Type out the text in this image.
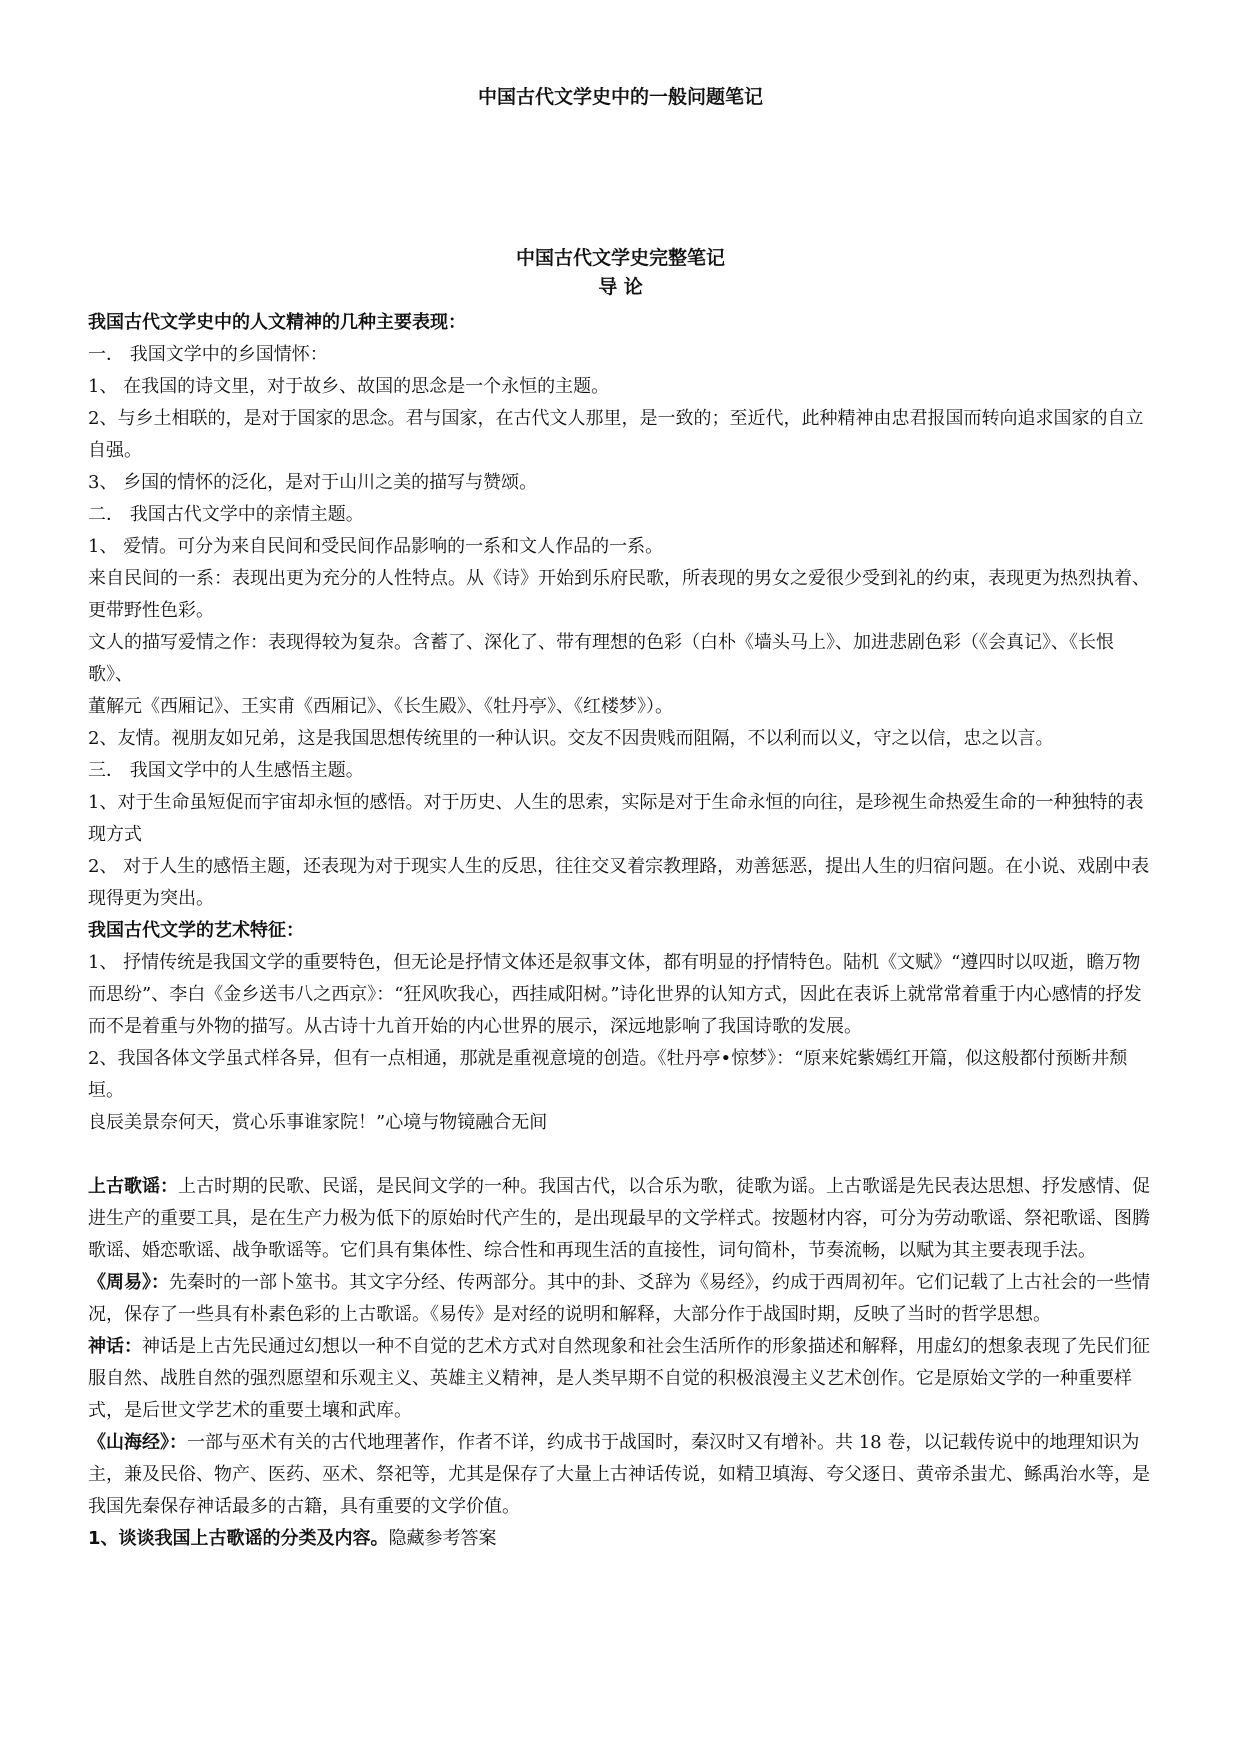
中国古代文学史中的一般问题笔记
中国古代文学史完整笔记
导 论

我国古代文学史中的人文精神的几种主要表现：

一． 我国文学中的乡国情怀：

1、 在我国的诗文里，对于故乡、故国的思念是一个永恒的主题。

2、与乡土相联的，是对于国家的思念。君与国家，在古代文人那里，是一致的；至近代，此种精神由忠君报国而转向追求国家的自立自强。

3、 乡国的情怀的泛化，是对于山川之美的描写与赞颂。

二． 我国古代文学中的亲情主题。

1、 爱情。可分为来自民间和受民间作品影响的一系和文人作品的一系。

来自民间的一系：表现出更为充分的人性特点。从《诗》开始到乐府民歌，所表现的男女之爱很少受到礼的约束，表现更为热烈执着、更带野性色彩。

文人的描写爱情之作：表现得较为复杂。含蓄了、深化了、带有理想的色彩（白朴《墙头马上》、加进悲剧色彩（《会真记》、《长恨歌》、

董解元《西厢记》、王实甫《西厢记》、《长生殿》、《牡丹亭》、《红楼梦》）。

2、友情。视朋友如兄弟，这是我国思想传统里的一种认识。交友不因贵贱而阻隔，不以利而以义，守之以信，忠之以言。

三． 我国文学中的人生感悟主题。

1、对于生命虽短促而宇宙却永恒的感悟。对于历史、人生的思索，实际是对于生命永恒的向往，是珍视生命热爱生命的一种独特的表现方式

2、 对于人生的感悟主题，还表现为对于现实人生的反思，往往交叉着宗教理路，劝善惩恶，提出人生的归宿问题。在小说、戏剧中表现得更为突出。

我国古代文学的艺术特征：

1、 抒情传统是我国文学的重要特色，但无论是抒情文体还是叙事文体，都有明显的抒情特色。陆机《文赋》“遵四时以叹逝，瞻万物而思纷”、李白《金乡送韦八之西京》：“狂风吹我心，西挂咸阳树。”诗化世界的认知方式，因此在表诉上就常常着重于内心感情的抒发而不是着重与外物的描写。从古诗十九首开始的内心世界的展示，深远地影响了我国诗歌的发展。

2、我国各体文学虽式样各异，但有一点相通，那就是重视意境的创造。《牡丹亭•惊梦》：“原来姹紫嫣红开篇，似这般都付预断井颓垣。

良辰美景奈何天，赏心乐事谁家院！”心境与物镜融合无间

上古歌谣：上古时期的民歌、民谣，是民间文学的一种。我国古代，以合乐为歌，徒歌为谣。上古歌谣是先民表达思想、抒发感情、促进生产的重要工具，是在生产力极为低下的原始时代产生的，是出现最早的文学样式。按题材内容，可分为劳动歌谣、祭祀歌谣、图腾歌谣、婚恋歌谣、战争歌谣等。它们具有集体性、综合性和再现生活的直接性，词句简朴，节奏流畅，以赋为其主要表现手法。

《周易》：先秦时的一部卜筮书。其文字分经、传两部分。其中的卦、爻辞为《易经》，约成于西周初年。它们记载了上古社会的一些情况，保存了一些具有朴素色彩的上古歌谣。《易传》是对经的说明和解释，大部分作于战国时期，反映了当时的哲学思想。

神话：神话是上古先民通过幻想以一种不自觉的艺术方式对自然现象和社会生活所作的形象描述和解释，用虚幻的想象表现了先民们征服自然、战胜自然的强烈愿望和乐观主义、英雄主义精神，是人类早期不自觉的积极浪漫主义艺术创作。它是原始文学的一种重要样式，是后世文学艺术的重要土壤和武库。

《山海经》：一部与巫术有关的古代地理著作，作者不详，约成书于战国时，秦汉时又有增补。共 18 卷，以记载传说中的地理知识为主，兼及民俗、物产、医药、巫术、祭祀等，尤其是保存了大量上古神话传说，如精卫填海、夸父逐日、黄帝杀蚩尤、鲧禹治水等，是我国先秦保存神话最多的古籍，具有重要的文学价值。

1、谈谈我国上古歌谣的分类及内容。隐藏参考答案
